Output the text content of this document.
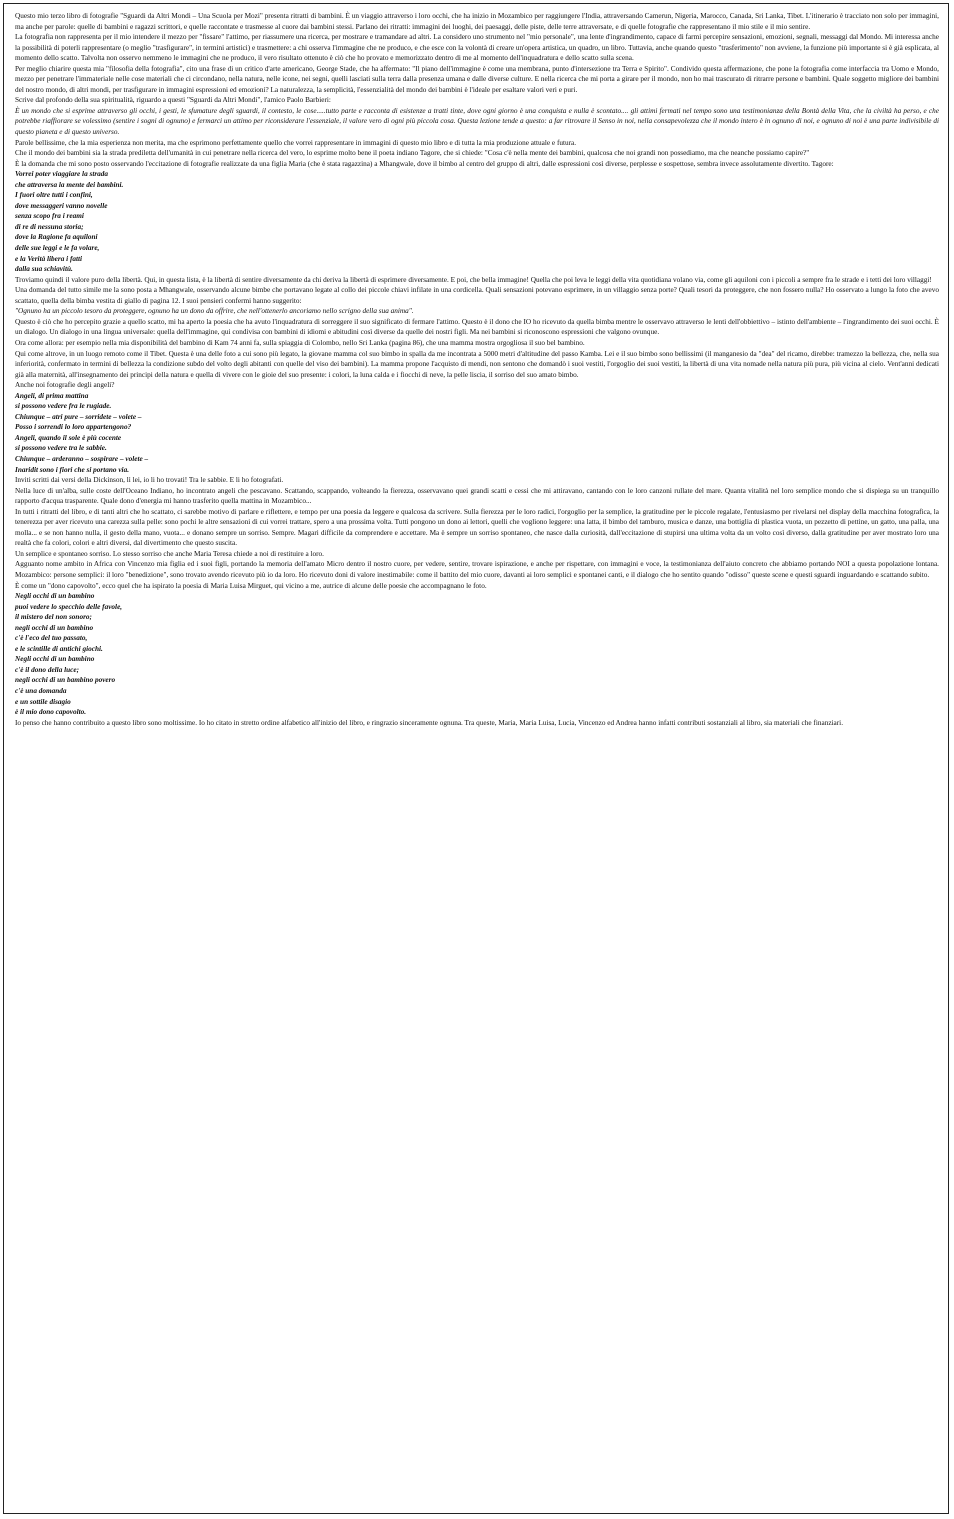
Questo mio terzo libro di fotografie "Sguardi da Altri Mondi – Una Scuola per Mozi" presenta ritratti di bambini. È un viaggio attraverso i loro occhi, che ha inizio in Mozambico per raggiungere l'India, attraversando Camerun, Nigeria, Marocco, Canada, Sri Lanka, Tibet. L'itinerario è tracciato non solo per immagini, ma anche per parole: quelle di bambini e ragazzi scrittori, e quelle raccontate e trasmesse al cuore dai bambini stessi. Parlano dei ritratti: immagini dei luoghi, dei paesaggi, delle piste, delle terre attraversate, e di quelle fotografie che rappresentano il mio stile e il mio sentire.

La fotografia non rappresenta per il mio intendere il mezzo per "fissare" l'attimo, per riassumere una ricerca, per mostrare e tramandare ad altri. La considero uno strumento nel "mio personale", una lente d'ingrandimento, capace di farmi percepire sensazioni, emozioni, segnali, messaggi dal Mondo. Mi interessa anche la possibilità di poterli rappresentare (o meglio "trasfigurare", in termini artistici) e trasmettere: a chi osserva l'immagine che ne produco, e che esce con la volontà di creare un'opera artistica, un quadro, un libro. Tuttavia, anche quando questo "trasferimento" non avviene, la funzione più importante si è già esplicata, al momento dello scatto. Talvolta non osservo nemmeno le immagini che ne produco, il vero risultato ottenuto è ciò che ho provato e memorizzato dentro di me al momento dell'inquadratura e dello scatto sulla scena.

Per meglio chiarire questa mia "filosofia della fotografia", cito una frase di un critico d'arte americano, George Stade, che ha affermato: "Il piano dell'immagine è come una membrana, punto d'intersezione tra Terra e Spirito". Condivido questa affermazione, che pone la fotografia come interfaccia tra Uomo e Mondo, mezzo per penetrare l'immateriale nelle cose materiali che ci circondano, nella natura, nelle icone, nei segni, quelli lasciati sulla terra dalla presenza umana e dalle diverse culture. E nella ricerca che mi porta a girare per il mondo, non ho mai trascurato di ritrarre persone e bambini. Quale soggetto migliore dei bambini del nostro mondo, di altri mondi, per trasfigurare in immagini espressioni ed emozioni? La naturalezza, la semplicità, l'essenzialità del mondo dei bambini è l'ideale per esaltare valori veri e puri.

Scrive dal profondo della sua spiritualità, riguardo a questi "Sguardi da Altri Mondi", l'amico Paolo Barbieri:

È un mondo che si esprime attraverso gli occhi, i gesti, le sfumature degli sguardi, il contesto, le cose.....tutto parte e racconta di esistenze a tratti tinte, dove ogni giorno è una conquista e nulla è scontato.... gli attimi fermati nel tempo sono una testimonianza della Bontà della Vita, che la civiltà ha perso, e che potrebbe riaffiorare se volessimo (sentire i sogni di ognuno) e fermarci un attimo per riconsiderare l'essenziale, il valore vero di ogni più piccola cosa. Questa lezione tende a questo: a far ritrovare il Senso in noi, nella consapevolezza che il mondo intero è in ognuno di noi, e ognuno di noi è una parte indivisibile di questo pianeta e di questo universo.

Parole bellissime, che la mia esperienza non merita, ma che esprimono perfettamente quello che vorrei rappresentare in immagini di questo mio libro e di tutta la mia produzione attuale e futura.

Che il mondo dei bambini sia la strada prediletta dell'umanità in cui penetrare nella ricerca del vero, lo esprime molto bene il poeta indiano Tagore, che si chiede: "Cosa c'è nella mente dei bambini, qualcosa che noi grandi non possediamo, ma che neanche possiamo capire?"

È la domanda che mi sono posto osservando l'eccitazione di fotografie realizzate da una figlia Maria (che è stata ragazzina) a Mhangwale, dove il bimbo al centro del gruppo di altri, dalle espressioni così diverse, perplesse e sospettose, sembra invece assolutamente divertito. Tagore:

Vorrei poter viaggiare la strada

che attraversa la mente dei bambini.

I fuori oltre tutti i confini,

dove messaggeri vanno novelle

senza scopo fra i reami

di re di nessuna storia;

dove la Ragione fa aquiloni

delle sue leggi e le fa volare,

e la Verità libera i fatti

dalla sua schiavitù.

Troviamo quindi il valore puro della libertà. Qui, in questa lista, è la libertà di sentire diversamente da chi deriva la libertà di esprimere diversamente. E poi, che bella immagine! Quella che poi leva le leggi della vita quotidiana volano via, come gli aquiloni con i piccoli a sempre fra le strade e i tetti dei loro villaggi!

Una domanda del tutto simile me la sono posta a Mhangwale, osservando alcune bimbe che portavano legate al collo dei piccole chiavi infilate in una cordicella. Quali sensazioni potevano esprimere, in un villaggio senza porte? Quali tesori da proteggere, che non fossero nulla? Ho osservato a lungo la foto che avevo scattato, quella della bimba vestita di giallo di pagina 12. I suoi pensieri confermi hanno suggerito:

"Ognuno ha un piccolo tesoro da proteggere, ognuno ha un dono da offrire, che nell'ottenerlo ancoriamo nello scrigno della sua anima".

Questo è ciò che ho percepito grazie a quello scatto, mi ha aperto la poesia che ha avuto l'inquadratura di sorreggere il suo significato di fermare l'attimo. Questo è il dono che IO ho ricevuto da quella bimba mentre le osservavo attraverso le lenti dell'obbiettivo – istinto dell'ambiente – l'ingrandimento dei suoi occhi. È un dialogo. Un dialogo in una lingua universale: quella dell'immagine, qui condivisa con bambini di idiomi e abitudini così diverse da quelle dei nostri figli. Ma nei bambini si riconoscono espressioni che valgono ovunque.

Ora come allora: per esempio nella mia disponibilità del bambino di Kam 74 anni fa, sulla spiaggia di Colombo, nello Sri Lanka (pagina 86), che una mamma mostra orgogliosa il suo bel bambino.

Qui come altrove, in un luogo remoto come il Tibet. Questa è una delle foto a cui sono più legato, la giovane mamma col suo bimbo in spalla da me incontrata a 5000 metri d'altitudine del passo Kamba. Lei e il suo bimbo sono bellissimi (il manganesio da "dea" del ricamo, direbbe: tramezzo la bellezza, che, nella sua inferiorità, confermato in termini di bellezza la condizione subdo del volto degli abitanti con quelle del viso dei bambini). La mamma propone l'acquisto di mendi, non sentono che domandò i suoi vestiti, l'orgoglio dei suoi vestiti, la libertà di una vita nomade nella natura più pura, più vicina al cielo. Vent'anni dedicati già alla maternità, all'insegnamento dei principi della natura e quella di vivere con le gioie del suo presente: i colori, la luna calda e i fiocchi di neve, la pelle liscia, il sorriso del suo amato bimbo.

Anche noi fotografie degli angeli?

Angeli, di prima mattina

si possono vedere fra le rugiade.

Chiunque – atri pure – sorridete – volete –

Posso i sorrendi lo loro appartengono?

Angeli, quando il sole è più cocente

si possono vedere tra le sabbie.

Chiunque – arderanno – sospirare – volete –

Inaridit sono i fiori che si portano via.

Inviti scritti dai versi della Dickinson, lì lei, io li ho trovati! Tra le sabbie. E li ho fotografati.

Nella luce di un'alba, sulle coste dell'Oceano Indiano, ho incontrato angeli che pescavano. Scattando, scappando, volteando la fierezza, osservavano quei grandi scatti e cessi che mi attiravano, cantando con le loro canzoni rullate del mare. Quanta vitalità nel loro semplice mondo che si dispiega su un tranquillo rapporto d'acqua trasparente. Quale dono d'energia mi hanno trasferito quella mattina in Mozambico...

In tutti i ritratti del libro, e di tanti altri che ho scattato, ci sarebbe motivo di parlare e riflettere, e tempo per una poesia da leggere e qualcosa da scrivere. Sulla fierezza per le loro radici, l'orgoglio per la semplice, la gratitudine per le piccole regalate, l'entusiasmo per rivelarsi nel display della macchina fotografica, la tenerezza per aver ricevuto una carezza sulla pelle: sono pochi le altre sensazioni di cui vorrei trattare, spero a una prossima volta. Tutti pongono un dono ai lettori, quelli che vogliono leggere: una latta, il bimbo del tamburo, musica e danze, una bottiglia di plastica vuota, un pezzetto di pettine, un gatto, una palla, una molla... e se non hanno nulla, il gesto della mano, vuota... e donano sempre un sorriso. Sempre. Magari difficile da comprendere e accettare. Ma è sempre un sorriso spontaneo, che nasce dalla curiosità, dall'eccitazione di stupirsi una ultima volta da un volto così diverso, dalla gratitudine per aver mostrato loro una realtà che fa colori, colori e altri diversi, dal divertimento che questo suscita.

Un semplice e spontaneo sorriso. Lo stesso sorriso che anche Maria Teresa chiede a noi di restituire a loro.

Agguanto nome ambito in Africa con Vincenzo mia figlia ed i suoi figli, portando la memoria dell'amato Micro dentro il nostro cuore, per vedere, sentire, trovare ispirazione, e anche per rispettare, con immagini e voce, la testimonianza dell'aiuto concreto che abbiamo portando NOI a questa popolazione lontana. Mozambico: persone semplici: il loro "benedizione", sono trovato avendo ricevuto più io da loro. Ho ricevuto doni di valore inestimabile: come il battito del mio cuore, davanti ai loro semplici e spontanei canti, e il dialogo che ho sentito quando "odisso" queste scene e questi sguardi inguardando e scattando subito.

È come un "dono capovolto", ecco quel che ha ispirato la poesia di Maria Luisa Mirguet, qui vicino a me, autrice di alcune delle poesie che accompagnano le foto.

Negli occhi di un bambino

puoi vedere lo specchio delle favole,

il mistero del non sonoro;

negli occhi di un bambino

c'è l'eco del tuo passato,

e le scintille di antichi giochi.

Negli occhi di un bambino

c'è il dono della luce;

negli occhi di un bambino povero

c'è una domanda

e un sottile disagio

è il mio dono capovolto.

Io penso che hanno contribuito a questo libro sono moltissime. Io ho citato in stretto ordine alfabetico all'inizio del libro, e ringrazio sinceramente ognuna. Tra queste, Maria, Maria Luisa, Lucia, Vincenzo ed Andrea hanno infatti contributi sostanziali al libro, sia materiali che finanziari.
